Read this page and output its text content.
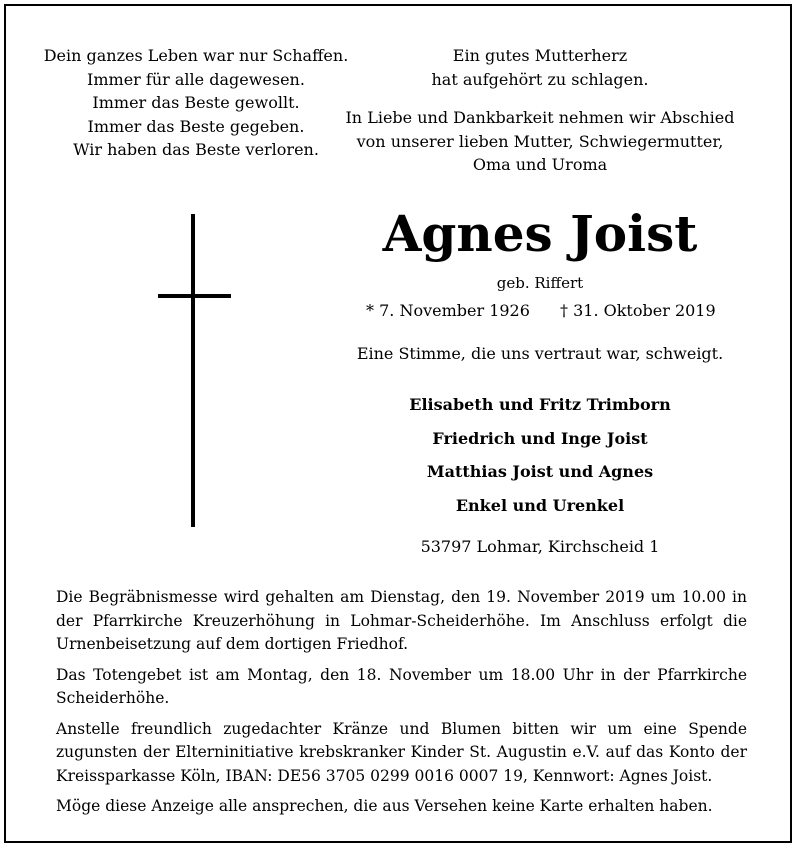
Dein ganzes Leben war nur Schaffen.
Immer für alle dagewesen.
Immer das Beste gewollt.
Immer das Beste gegeben.
Wir haben das Beste verloren.
Ein gutes Mutterherz
hat aufgehört zu schlagen.
In Liebe und Dankbarkeit nehmen wir Abschied
von unserer lieben Mutter, Schwiegermutter,
Oma und Uroma
Agnes Joist
geb. Riffert
* 7. November 1926 † 31. Oktober 2019
Eine Stimme, die uns vertraut war, schweigt.
Elisabeth und Fritz Trimborn
Friedrich und Inge Joist
Matthias Joist und Agnes
Enkel und Urenkel
53797 Lohmar, Kirchscheid 1

Die Begräbnismesse wird gehalten am Dienstag, den 19. November 2019 um 10.00 in der Pfarrkirche Kreuzerhöhung in Lohmar-Scheiderhöhe. Im Anschluss erfolgt die Urnenbeisetzung auf dem dortigen Friedhof.

Das Totengebet ist am Montag, den 18. November um 18.00 Uhr in der Pfarrkirche Scheiderhöhe.

Anstelle freundlich zugedachter Kränze und Blumen bitten wir um eine Spende zugunsten der Elterninitiative krebskranker Kinder St. Augustin e.V. auf das Konto der Kreissparkasse Köln, IBAN: DE56 3705 0299 0016 0007 19, Kennwort: Agnes Joist.

Möge diese Anzeige alle ansprechen, die aus Versehen keine Karte erhalten haben.
